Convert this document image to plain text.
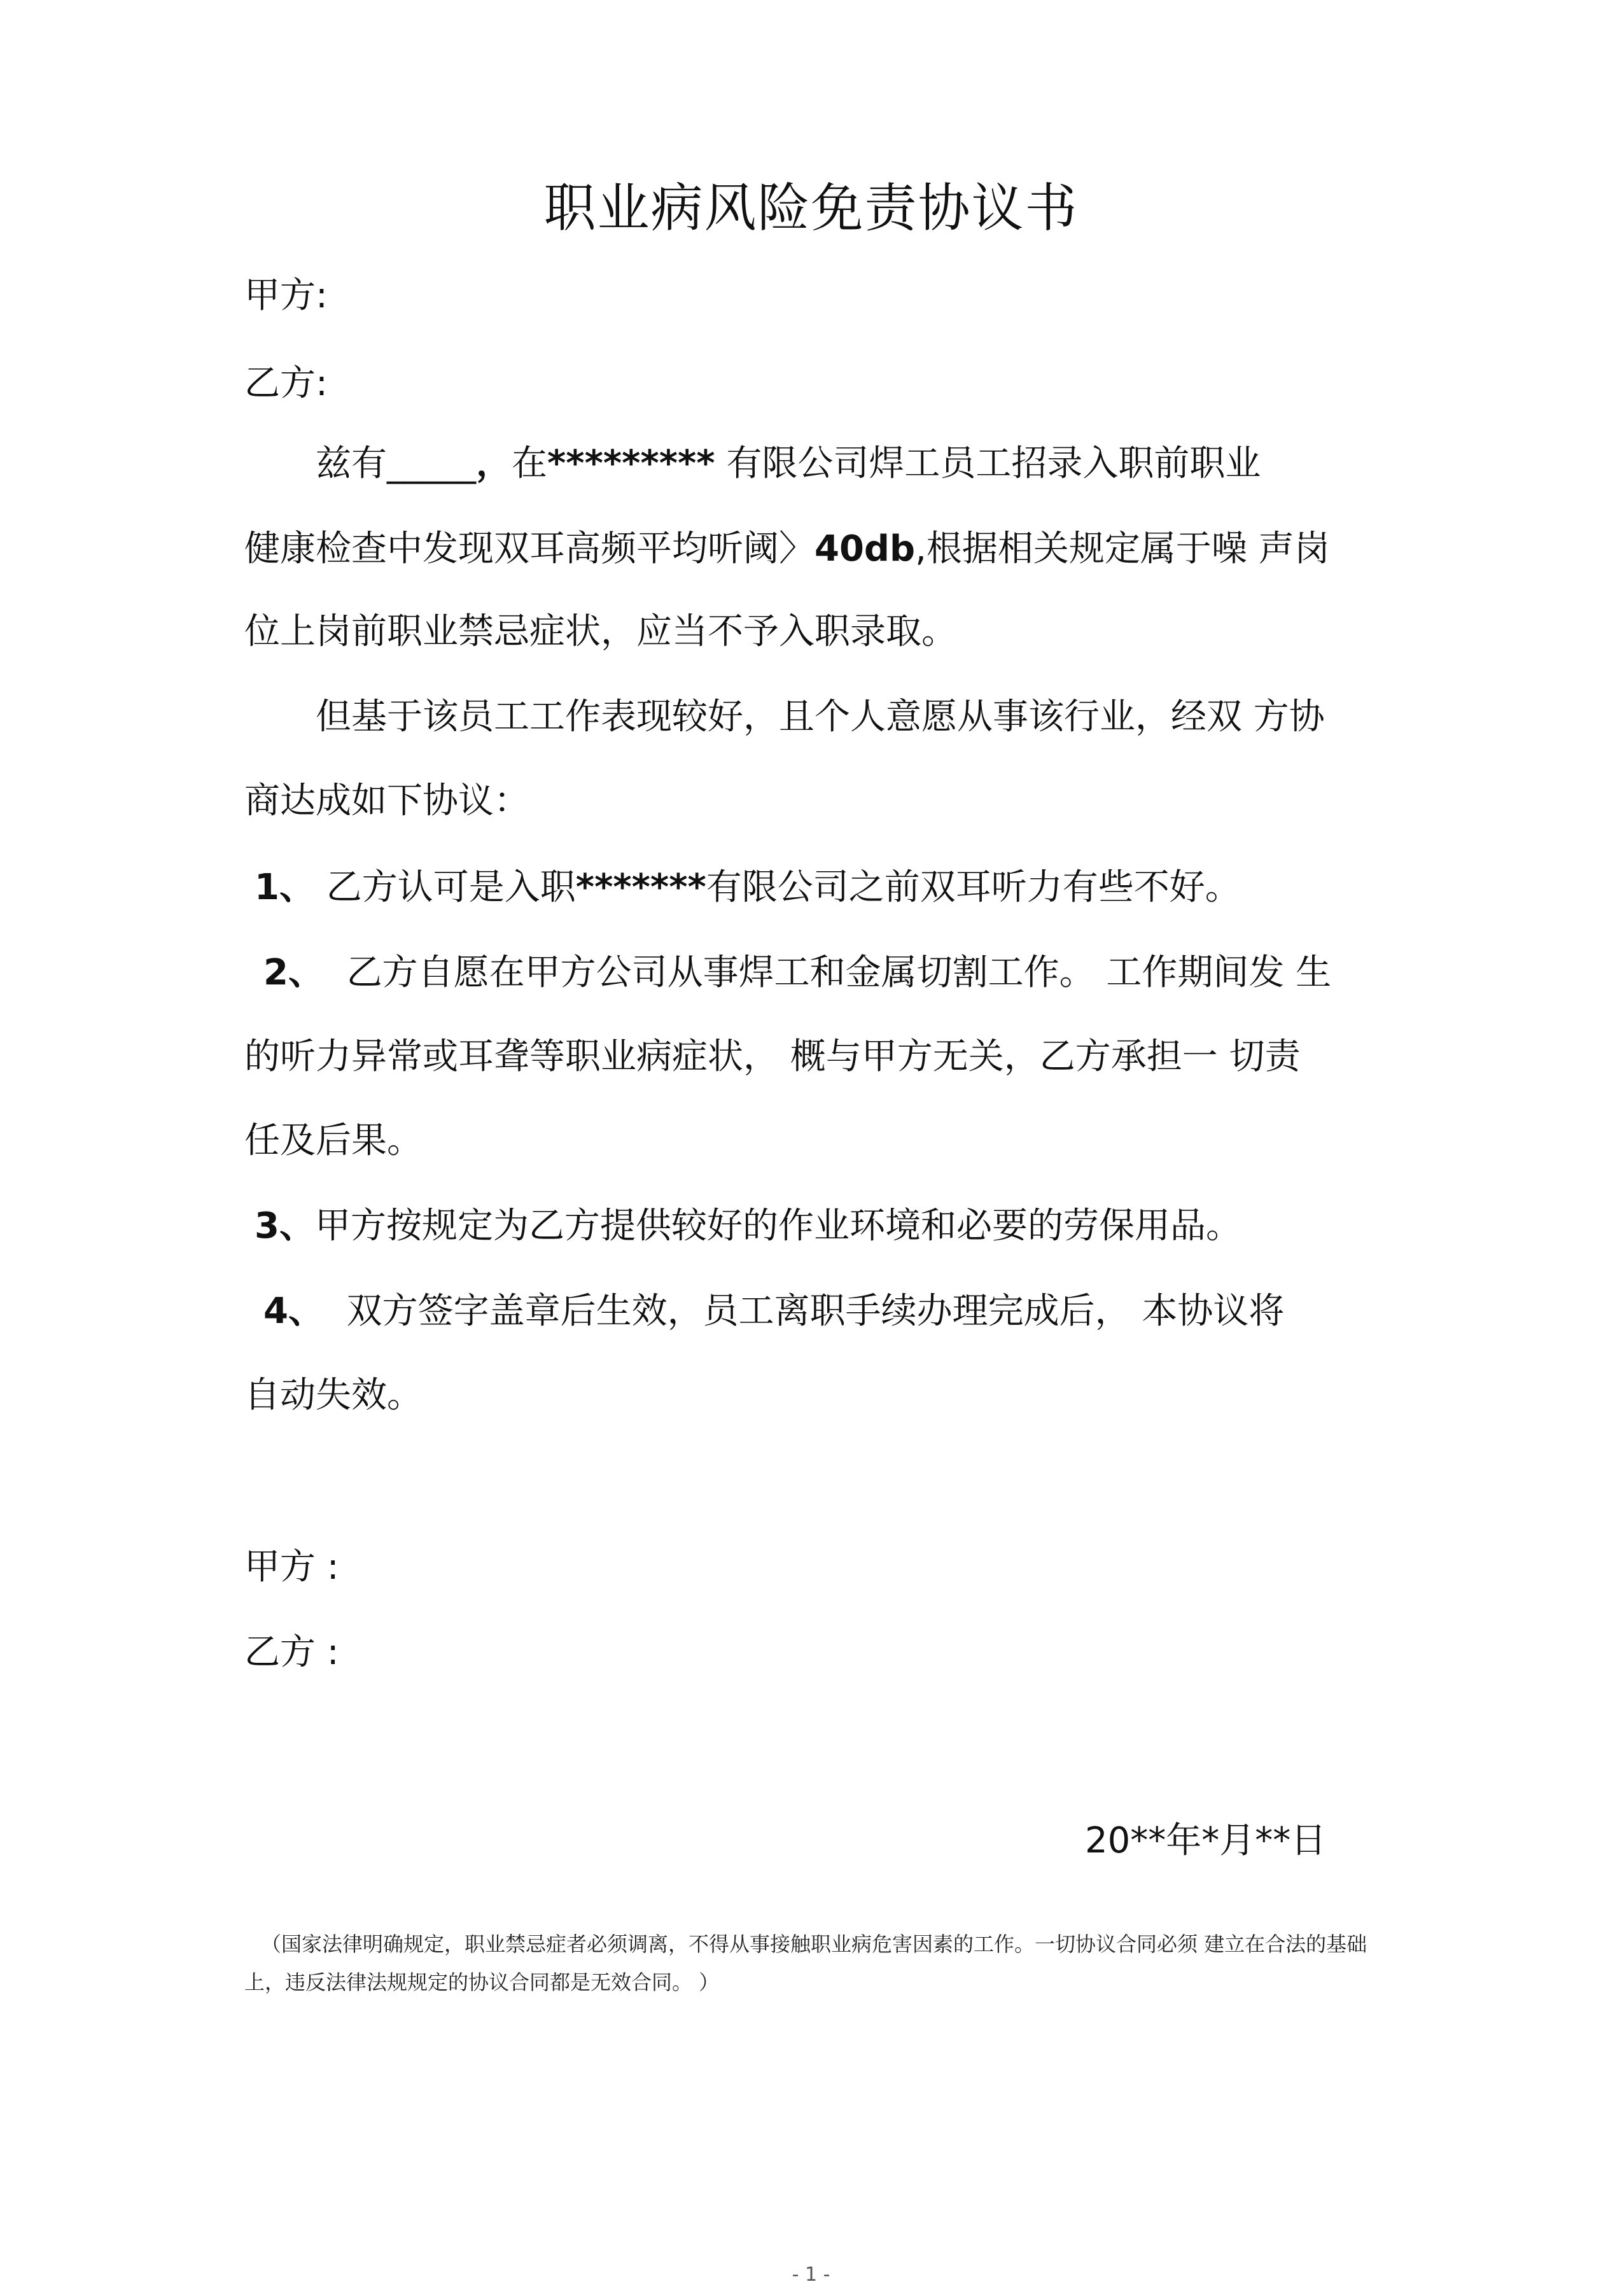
职业病风险免责协议书
甲方:
乙方:
兹有_____，在********* 有限公司焊工员工招录入职前职业
健康检查中发现双耳高频平均听阈〉40db,根据相关规定属于噪 声岗
位上岗前职业禁忌症状，应当不予入职录取。
但基于该员工工作表现较好，且个人意愿从事该行业，经双 方协
商达成如下协议：
1、 乙方认可是入职*******有限公司之前双耳听力有些不好。
2、 乙方自愿在甲方公司从事焊工和金属切割工作。 工作期间发 生
的听力异常或耳聋等职业病症状， 概与甲方无关，乙方承担一 切责
任及后果。
3、甲方按规定为乙方提供较好的作业环境和必要的劳保用品。
4、 双方签字盖章后生效，员工离职手续办理完成后， 本协议将
自动失效。
甲方 :
乙方 :
20**年*月**日
（国家法律明确规定，职业禁忌症者必须调离，不得从事接触职业病危害因素的工作。一切协议合同必须 建立在合法的基础
上，违反法律法规规定的协议合同都是无效合同。 ）
- 1 -
